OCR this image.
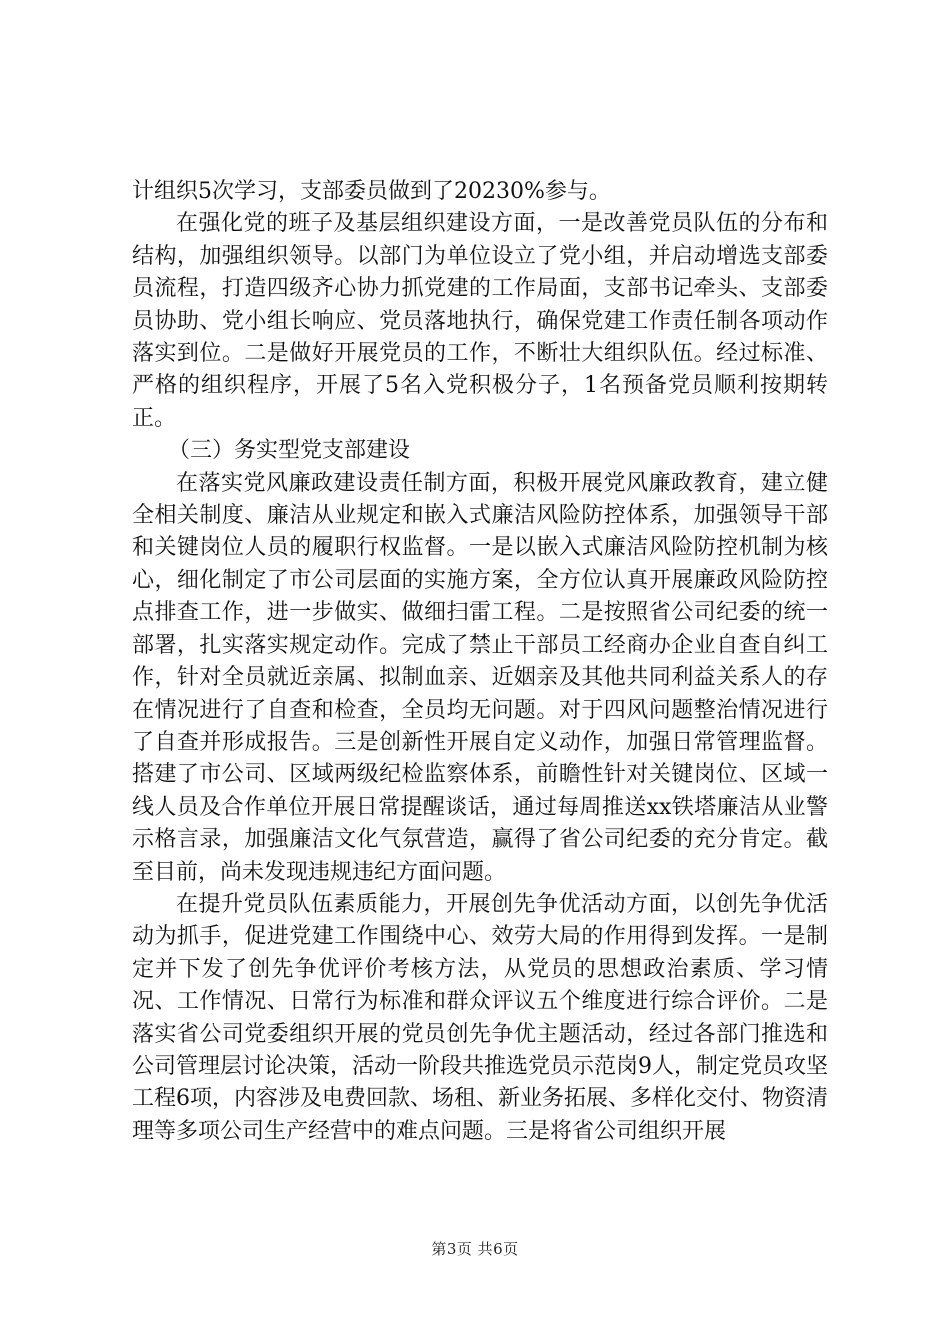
计组织5次学习，支部委员做到了20230%参与。

在强化党的班子及基层组织建设方面，一是改善党员队伍的分布和结构，加强组织领导。以部门为单位设立了党小组，并启动增选支部委员流程，打造四级齐心协力抓党建的工作局面，支部书记牵头、支部委员协助、党小组长响应、党员落地执行，确保党建工作责任制各项动作落实到位。二是做好开展党员的工作，不断壮大组织队伍。经过标准、严格的组织程序，开展了5名入党积极分子，1名预备党员顺利按期转正。

（三）务实型党支部建设

在落实党风廉政建设责任制方面，积极开展党风廉政教育，建立健全相关制度、廉洁从业规定和嵌入式廉洁风险防控体系，加强领导干部和关键岗位人员的履职行权监督。一是以嵌入式廉洁风险防控机制为核心，细化制定了市公司层面的实施方案，全方位认真开展廉政风险防控点排查工作，进一步做实、做细扫雷工程。二是按照省公司纪委的统一部署，扎实落实规定动作。完成了禁止干部员工经商办企业自查自纠工作，针对全员就近亲属、拟制血亲、近姻亲及其他共同利益关系人的存在情况进行了自查和检查，全员均无问题。对于四风问题整治情况进行了自查并形成报告。三是创新性开展自定义动作，加强日常管理监督。搭建了市公司、区域两级纪检监察体系，前瞻性针对关键岗位、区域一线人员及合作单位开展日常提醒谈话，通过每周推送xx铁塔廉洁从业警示格言录，加强廉洁文化气氛营造，赢得了省公司纪委的充分肯定。截至目前，尚未发现违规违纪方面问题。

在提升党员队伍素质能力，开展创先争优活动方面，以创先争优活动为抓手，促进党建工作围绕中心、效劳大局的作用得到发挥。一是制定并下发了创先争优评价考核方法，从党员的思想政治素质、学习情况、工作情况、日常行为标准和群众评议五个维度进行综合评价。二是落实省公司党委组织开展的党员创先争优主题活动，经过各部门推选和公司管理层讨论决策，活动一阶段共推选党员示范岗9人，制定党员攻坚工程6项，内容涉及电费回款、场租、新业务拓展、多样化交付、物资清理等多项公司生产经营中的难点问题。三是将省公司组织开展

第3页 共6页
